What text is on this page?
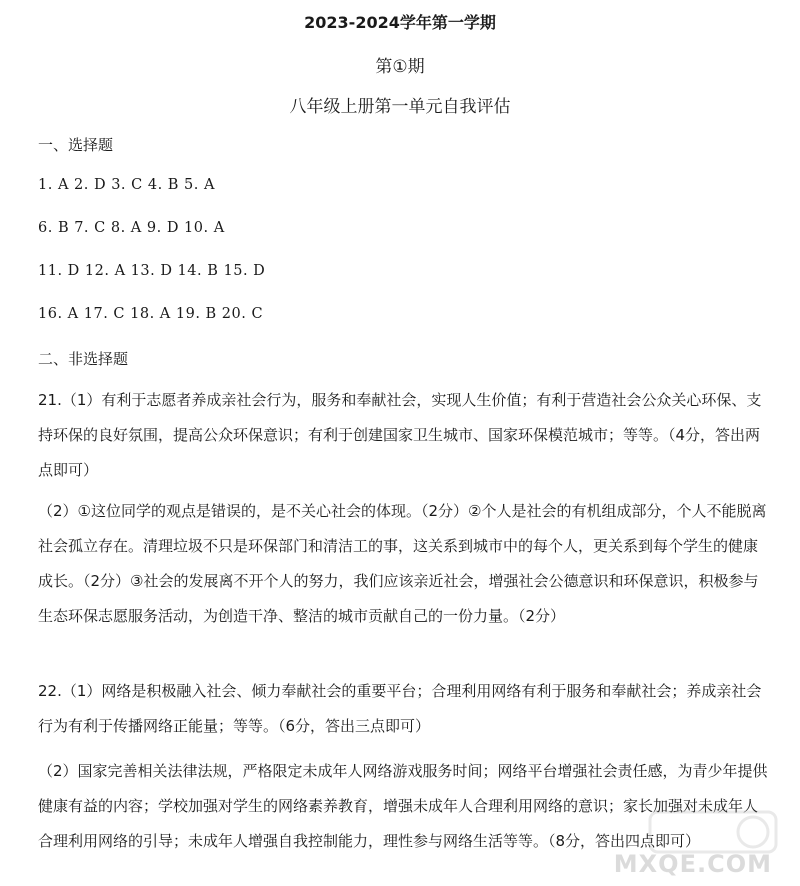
2023-2024学年第一学期
第①期
八年级上册第一单元自我评估
一、选择题
1. A 2. D 3. C 4. B 5. A
6. B 7. C 8. A 9. D 10. A
11. D 12. A 13. D 14. B 15. D
16. A 17. C 18. A 19. B 20. C
二、非选择题
21.（1）有利于志愿者养成亲社会行为，服务和奉献社会，实现人生价值；有利于营造社会公众关心环保、支持环保的良好氛围，提高公众环保意识；有利于创建国家卫生城市、国家环保模范城市；等等。（4分，答出两点即可）
（2）①这位同学的观点是错误的，是不关心社会的体现。（2分）②个人是社会的有机组成部分，个人不能脱离社会孤立存在。清理垃圾不只是环保部门和清洁工的事，这关系到城市中的每个人，更关系到每个学生的健康成长。（2分）③社会的发展离不开个人的努力，我们应该亲近社会，增强社会公德意识和环保意识，积极参与生态环保志愿服务活动，为创造干净、整洁的城市贡献自己的一份力量。（2分）
22.（1）网络是积极融入社会、倾力奉献社会的重要平台；合理利用网络有利于服务和奉献社会；养成亲社会行为有利于传播网络正能量；等等。（6分，答出三点即可）
（2）国家完善相关法律法规，严格限定未成年人网络游戏服务时间；网络平台增强社会责任感，为青少年提供健康有益的内容；学校加强对学生的网络素养教育，增强未成年人合理利用网络的意识；家长加强对未成年人合理利用网络的引导；未成年人增强自我控制能力，理性参与网络生活等等。（8分，答出四点即可）
MXQE.COM
